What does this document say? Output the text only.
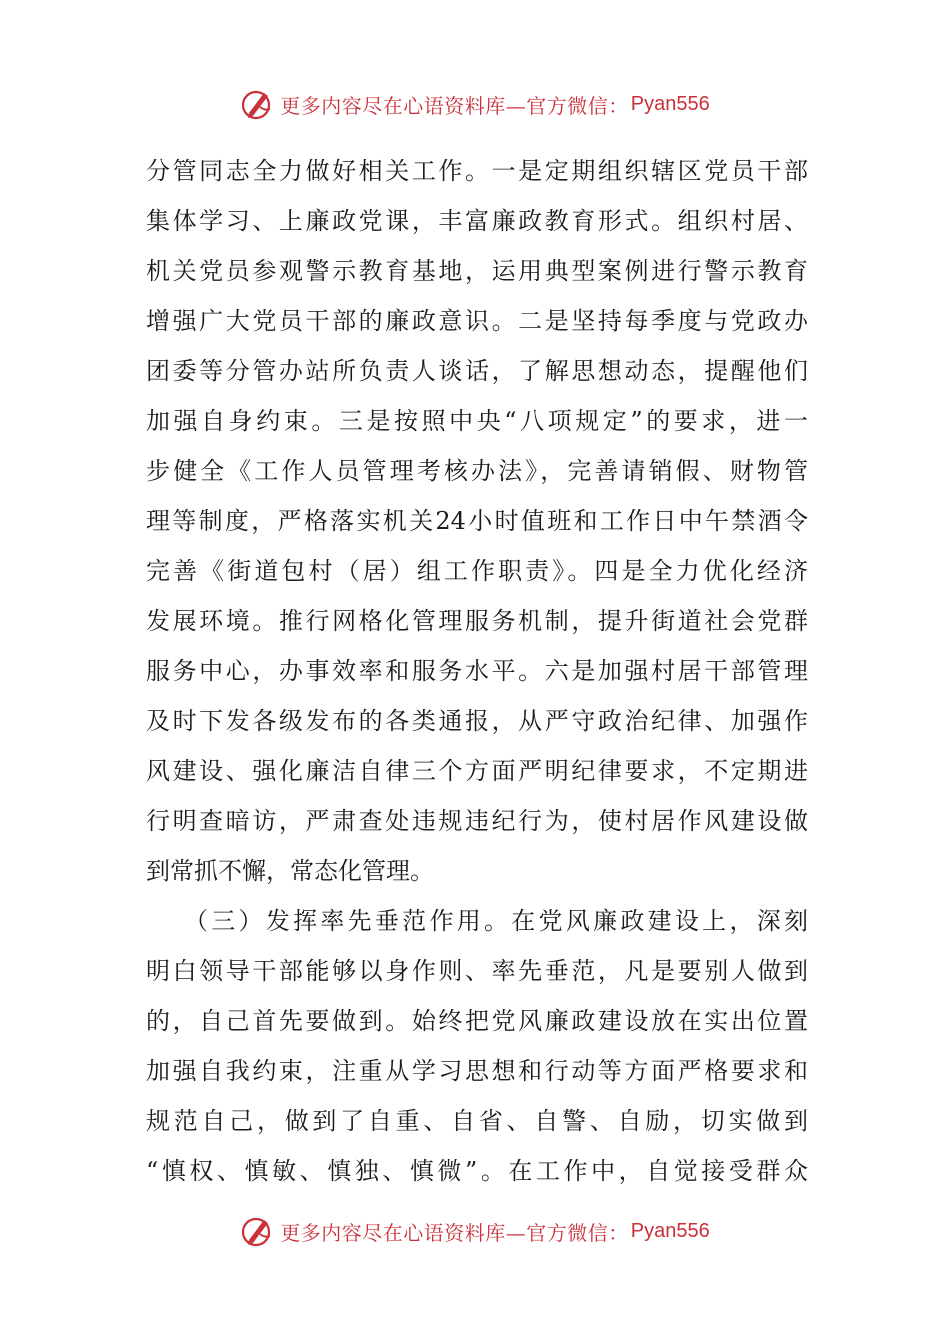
更多内容尽在心语资料库—官方微信： Pyan556
分管同志全力做好相关工作。一是定期组织辖区党员干部
集体学习、上廉政党课，丰富廉政教育形式。组织村居、
机关党员参观警示教育基地，运用典型案例进行警示教育
增强广大党员干部的廉政意识。二是坚持每季度与党政办
团委等分管办站所负责人谈话，了解思想动态，提醒他们
加强自身约束。三是按照中央“八项规定”的要求，进一
步健全《工作人员管理考核办法》，完善请销假、财物管
理等制度，严格落实机关24小时值班和工作日中午禁酒令
完善《街道包村（居）组工作职责》。四是全力优化经济
发展环境。推行网格化管理服务机制，提升街道社会党群
服务中心，办事效率和服务水平。六是加强村居干部管理
及时下发各级发布的各类通报，从严守政治纪律、加强作
风建设、强化廉洁自律三个方面严明纪律要求，不定期进
行明查暗访，严肃查处违规违纪行为，使村居作风建设做
到常抓不懈，常态化管理。
（三）发挥率先垂范作用。在党风廉政建设上，深刻
明白领导干部能够以身作则、率先垂范，凡是要别人做到
的，自己首先要做到。始终把党风廉政建设放在实出位置
加强自我约束，注重从学习思想和行动等方面严格要求和
规范自己，做到了自重、自省、自警、自励，切实做到
“慎权、慎敏、慎独、慎微”。在工作中，自觉接受群众
更多内容尽在心语资料库—官方微信： Pyan556
